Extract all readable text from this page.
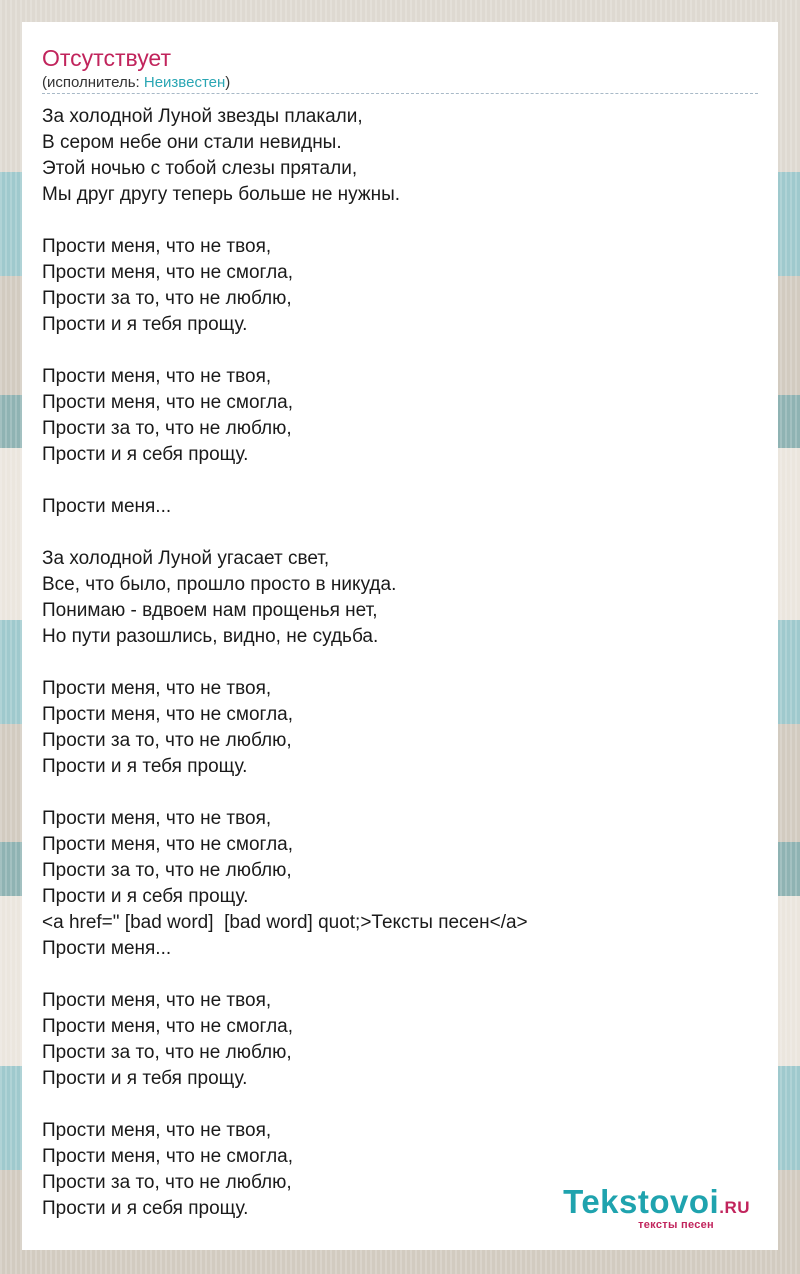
Отсутствует
(исполнитель: Неизвестен)
За холодной Луной звезды плакали,
В сером небе они стали невидны.
Этой ночью с тобой слезы прятали,
Мы друг другу теперь больше не нужны.
Прости меня, что не твоя,
Прости меня, что не смогла,
Прости за то, что не люблю,
Прости и я тебя прощу.
Прости меня, что не твоя,
Прости меня, что не смогла,
Прости за то, что не люблю,
Прости и я себя прощу.
Прости меня...
За холодной Луной угасает свет,
Все, что было, прошло просто в никуда.
Понимаю - вдвоем нам прощенья нет,
Но пути разошлись, видно, не судьба.
Прости меня, что не твоя,
Прости меня, что не смогла,
Прости за то, что не люблю,
Прости и я тебя прощу.
Прости меня, что не твоя,
Прости меня, что не смогла,
Прости за то, что не люблю,
Прости и я себя прощу.
<a href=" [bad word]  [bad word] quot;>Тексты песен</a>
Прости меня...
Прости меня, что не твоя,
Прости меня, что не смогла,
Прости за то, что не люблю,
Прости и я тебя прощу.
Прости меня, что не твоя,
Прости меня, что не смогла,
Прости за то, что не люблю,
Прости и я себя прощу.	Tekstovoi.RU
тексты песен
